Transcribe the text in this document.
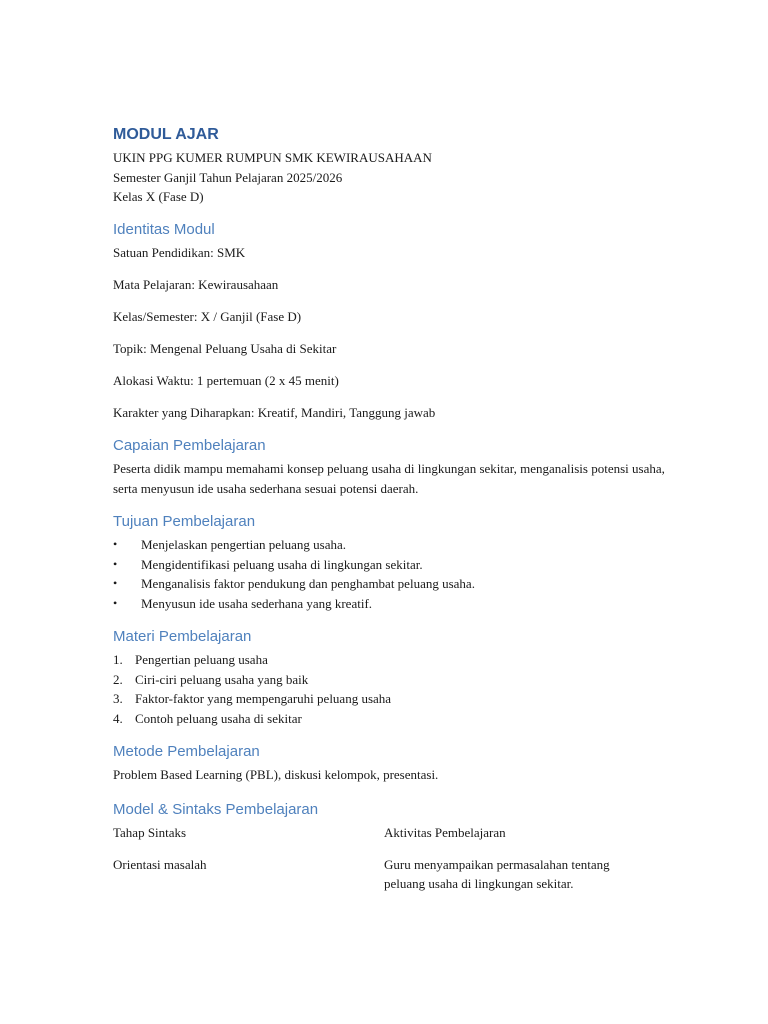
MODUL AJAR

UKIN PPG KUMER RUMPUN SMK KEWIRAUSAHAAN

Semester Ganjil Tahun Pelajaran 2025/2026

Kelas X (Fase D)

Identitas Modul

Satuan Pendidikan: SMK

Mata Pelajaran: Kewirausahaan

Kelas/Semester: X / Ganjil (Fase D)

Topik: Mengenal Peluang Usaha di Sekitar

Alokasi Waktu: 1 pertemuan (2 x 45 menit)

Karakter yang Diharapkan: Kreatif, Mandiri, Tanggung jawab

Capaian Pembelajaran

Peserta didik mampu memahami konsep peluang usaha di lingkungan sekitar, menganalisis potensi usaha, serta menyusun ide usaha sederhana sesuai potensi daerah.

Tujuan Pembelajaran
• Menjelaskan pengertian peluang usaha.
• Mengidentifikasi peluang usaha di lingkungan sekitar.
• Menganalisis faktor pendukung dan penghambat peluang usaha.
• Menyusun ide usaha sederhana yang kreatif.
Materi Pembelajaran
1. Pengertian peluang usaha
2. Ciri-ciri peluang usaha yang baik
3. Faktor-faktor yang mempengaruhi peluang usaha
4. Contoh peluang usaha di sekitar
Metode Pembelajaran

Problem Based Learning (PBL), diskusi kelompok, presentasi.

Model & Sintaks Pembelajaran
Tahap Sintaks	Aktivitas Pembelajaran
Orientasi masalah	Guru menyampaikan permasalahan tentang peluang usaha di lingkungan sekitar.
